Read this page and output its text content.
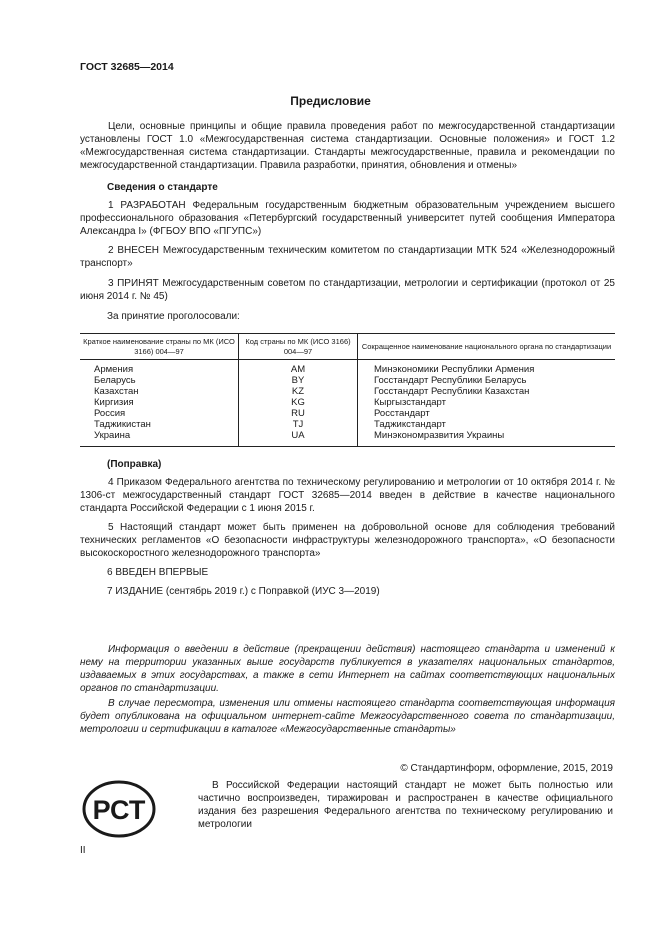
ГОСТ 32685—2014
Предисловие
Цели, основные принципы и общие правила проведения работ по межгосударственной стандартизации установлены ГОСТ 1.0 «Межгосударственная система стандартизации. Основные положения» и ГОСТ 1.2 «Межгосударственная система стандартизации. Стандарты межгосударственные, правила и рекомендации по межгосударственной стандартизации. Правила разработки, принятия, обновления и отмены»
Сведения о стандарте
1 РАЗРАБОТАН Федеральным государственным бюджетным образовательным учреждением высшего профессионального образования «Петербургский государственный университет путей сообщения Императора Александра I» (ФГБОУ ВПО «ПГУПС»)
2 ВНЕСЕН Межгосударственным техническим комитетом по стандартизации МТК 524 «Железнодорожный транспорт»
3 ПРИНЯТ Межгосударственным советом по стандартизации, метрологии и сертификации (протокол от 25 июня 2014 г. № 45)
За принятие проголосовали:
Краткое наименование страны по МК (ИСО 3166) 004—97	Код страны по МК (ИСО 3166) 004—97	Сокращенное наименование национального органа по стандартизации
Армения	AM	Минэкономики Республики Армения
Беларусь	BY	Госстандарт Республики Беларусь
Казахстан	KZ	Госстандарт Республики Казахстан
Киргизия	KG	Кыргызстандарт
Россия	RU	Росстандарт
Таджикистан	TJ	Таджикстандарт
Украина	UA	Минэкономразвития Украины
(Поправка)
4 Приказом Федерального агентства по техническому регулированию и метрологии от 10 октября 2014 г. № 1306-ст межгосударственный стандарт ГОСТ 32685—2014 введен в действие в качестве национального стандарта Российской Федерации с 1 июня 2015 г.
5 Настоящий стандарт может быть применен на добровольной основе для соблюдения требований технических регламентов «О безопасности инфраструктуры железнодорожного транспорта», «О безопасности высокоскоростного железнодорожного транспорта»
6 ВВЕДЕН ВПЕРВЫЕ
7 ИЗДАНИЕ (сентябрь 2019 г.) с Поправкой (ИУС 3—2019)
Информация о введении в действие (прекращении действия) настоящего стандарта и изменений к нему на территории указанных выше государств публикуется в указателях национальных стандартов, издаваемых в этих государствах, а также в сети Интернет на сайтах соответствующих национальных органов по стандартизации.
В случае пересмотра, изменения или отмены настоящего стандарта соответствующая информация будет опубликована на официальном интернет-сайте Межгосударственного совета по стандартизации, метрологии и сертификации в каталоге «Межгосударственные стандарты»
© Стандартинформ, оформление, 2015, 2019
РСТ
В Российской Федерации настоящий стандарт не может быть полностью или частично воспроизведен, тиражирован и распространен в качестве официального издания без разрешения Федерального агентства по техническому регулированию и метрологии
II
